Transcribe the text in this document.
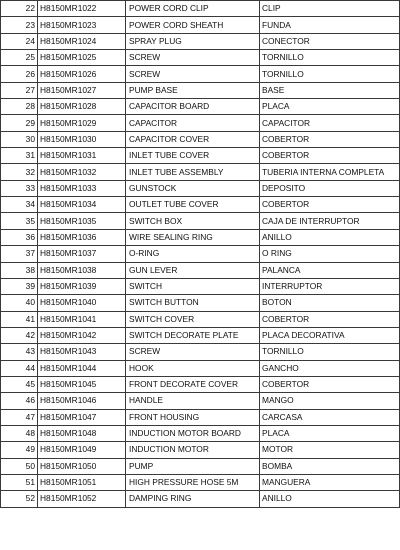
22	H8150MR1022	POWER CORD CLIP	CLIP
23	H8150MR1023	POWER CORD SHEATH	FUNDA
24	H8150MR1024	SPRAY PLUG	CONECTOR
25	H8150MR1025	SCREW	TORNILLO
26	H8150MR1026	SCREW	TORNILLO
27	H8150MR1027	PUMP BASE	BASE
28	H8150MR1028	CAPACITOR BOARD	PLACA
29	H8150MR1029	CAPACITOR	CAPACITOR
30	H8150MR1030	CAPACITOR COVER	COBERTOR
31	H8150MR1031	INLET TUBE COVER	COBERTOR
32	H8150MR1032	INLET TUBE ASSEMBLY	TUBERIA INTERNA COMPLETA
33	H8150MR1033	GUNSTOCK	DEPOSITO
34	H8150MR1034	OUTLET TUBE COVER	COBERTOR
35	H8150MR1035	SWITCH BOX	CAJA DE INTERRUPTOR
36	H8150MR1036	WIRE SEALING RING	ANILLO
37	H8150MR1037	O-RING	O RING
38	H8150MR1038	GUN LEVER	PALANCA
39	H8150MR1039	SWITCH	INTERRUPTOR
40	H8150MR1040	SWITCH BUTTON	BOTON
41	H8150MR1041	SWITCH COVER	COBERTOR
42	H8150MR1042	SWITCH DECORATE PLATE	PLACA DECORATIVA
43	H8150MR1043	SCREW	TORNILLO
44	H8150MR1044	HOOK	GANCHO
45	H8150MR1045	FRONT DECORATE COVER	COBERTOR
46	H8150MR1046	HANDLE	MANGO
47	H8150MR1047	FRONT HOUSING	CARCASA
48	H8150MR1048	INDUCTION MOTOR BOARD	PLACA
49	H8150MR1049	INDUCTION MOTOR	MOTOR
50	H8150MR1050	PUMP	BOMBA
51	H8150MR1051	HIGH PRESSURE HOSE 5M	MANGUERA
52	H8150MR1052	DAMPING RING	ANILLO
